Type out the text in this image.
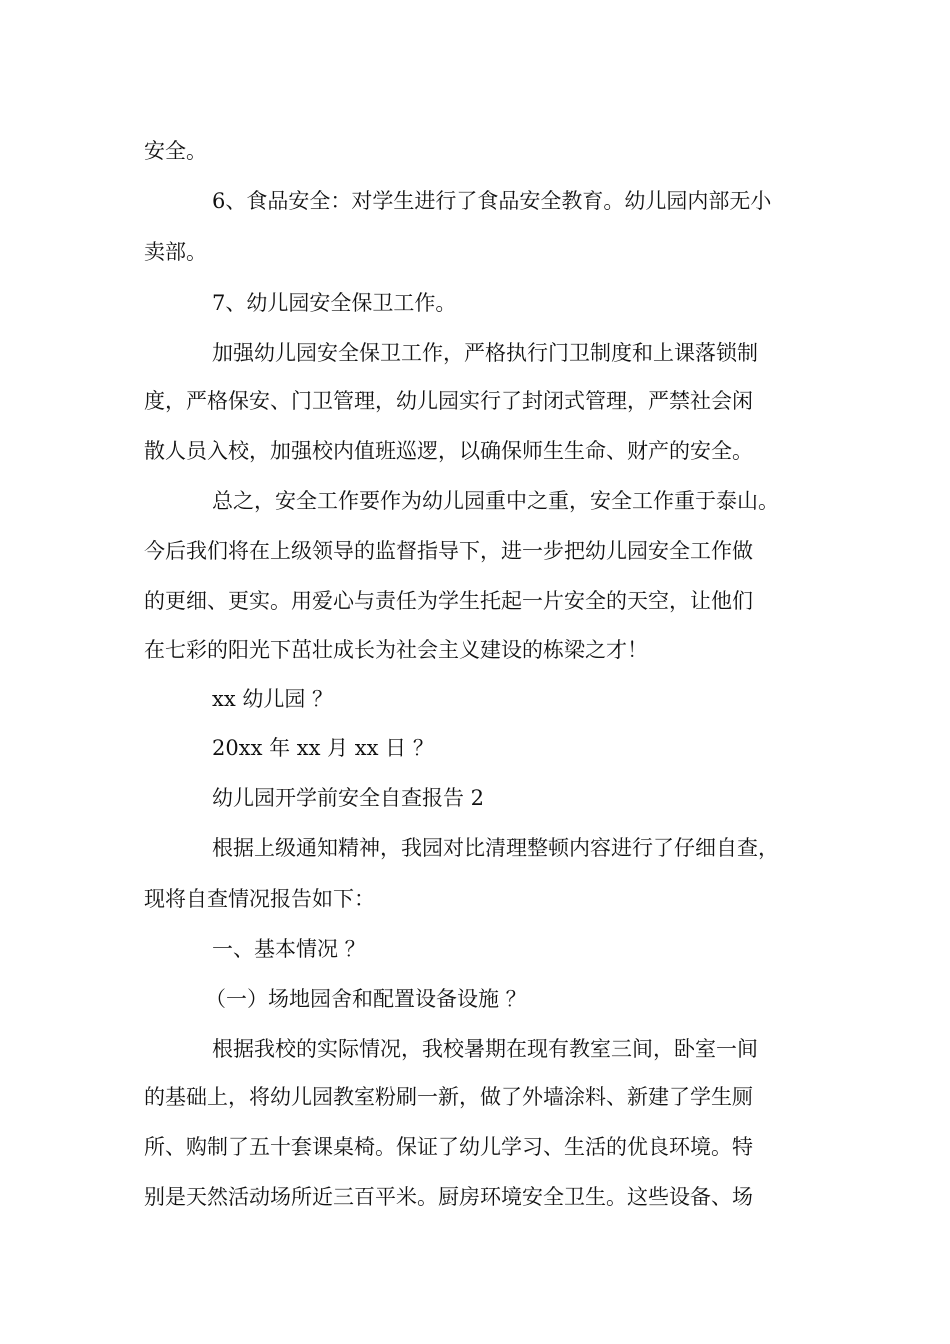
安全。

6、食品安全：对学生进行了食品安全教育。幼儿园内部无小

卖部。

7、幼儿园安全保卫工作。

加强幼儿园安全保卫工作，严格执行门卫制度和上课落锁制

度，严格保安、门卫管理，幼儿园实行了封闭式管理，严禁社会闲

散人员入校，加强校内值班巡逻，以确保师生生命、财产的安全。

总之，安全工作要作为幼儿园重中之重，安全工作重于泰山。

今后我们将在上级领导的监督指导下，进一步把幼儿园安全工作做

的更细、更实。用爱心与责任为学生托起一片安全的天空，让他们

在七彩的阳光下茁壮成长为社会主义建设的栋梁之才！

xx 幼儿园 ？

20xx 年 xx 月 xx 日 ？

幼儿园开学前安全自查报告 2

根据上级通知精神，我园对比清理整顿内容进行了仔细自查，

现将自查情况报告如下：

一、基本情况 ？

（一）场地园舍和配置设备设施 ？

根据我校的实际情况，我校暑期在现有教室三间，卧室一间

的基础上，将幼儿园教室粉刷一新，做了外墙涂料、新建了学生厕

所、购制了五十套课桌椅。保证了幼儿学习、生活的优良环境。特

别是天然活动场所近三百平米。厨房环境安全卫生。这些设备、场
